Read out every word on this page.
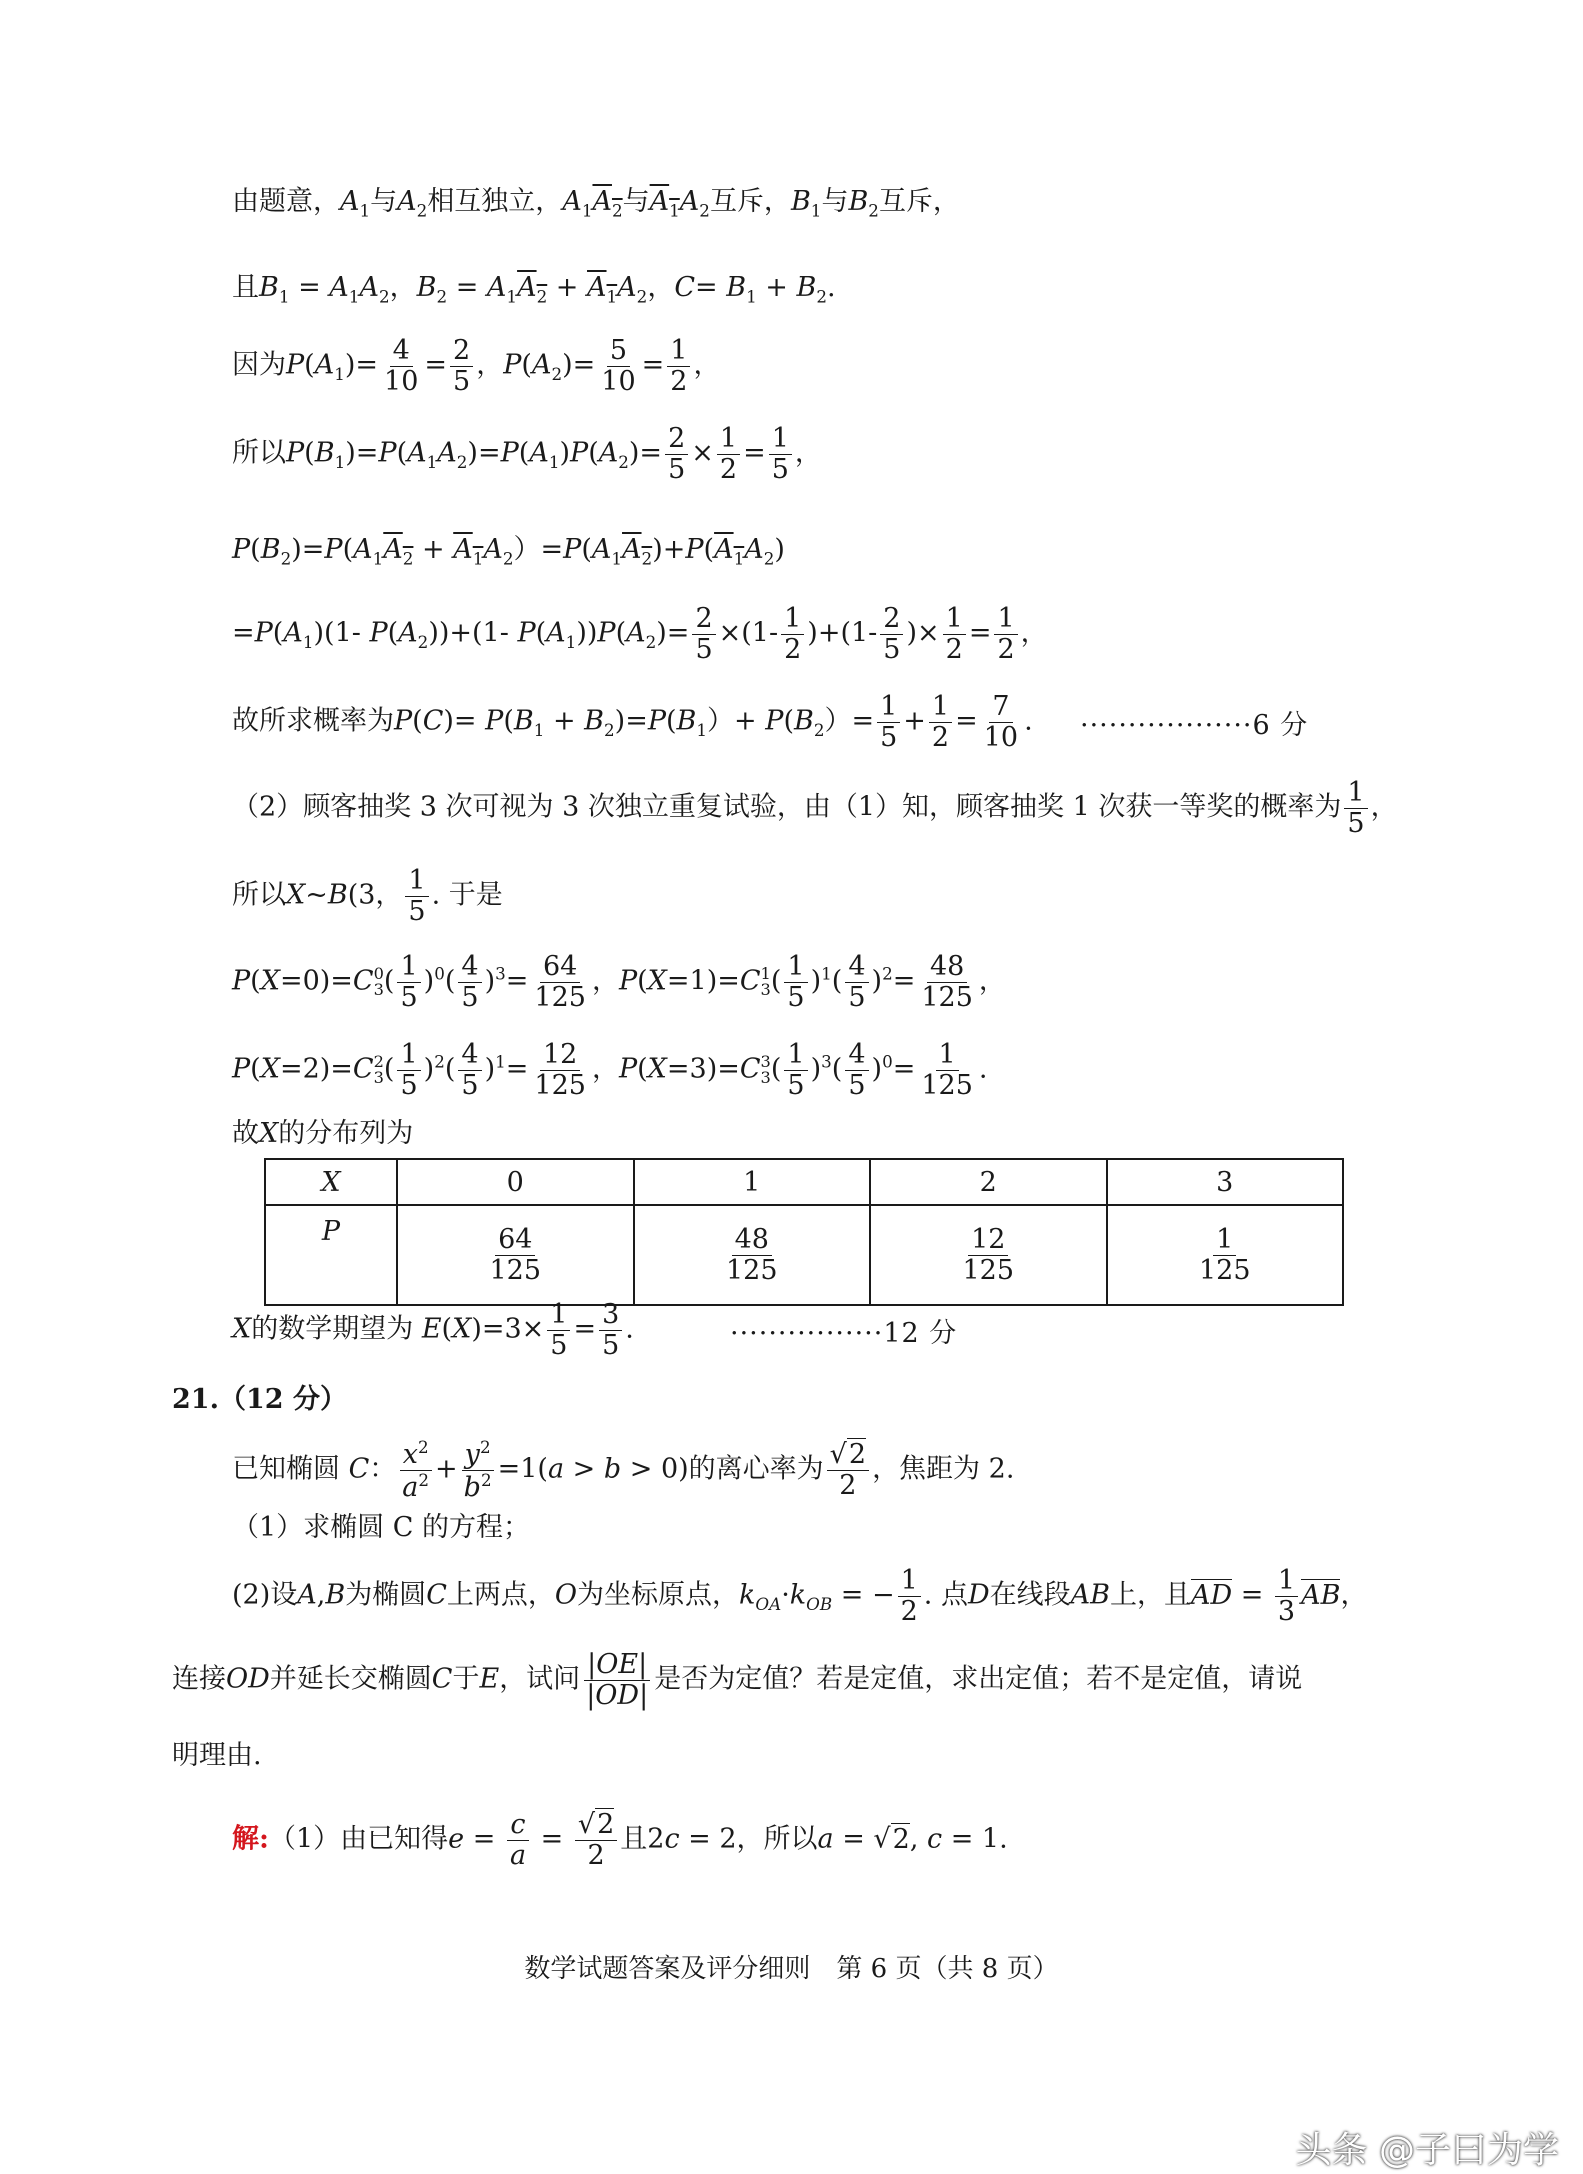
由题意，$A_1$与$A_2$相互独立，$A_1A_2$与$A_1A_2$互斥，$B_1$与$B_2$互斥，
且$B_1 = A_1A_2$，$B_2 = A_1A_2 + A_1A_2$，$C= B_1 + B_2$.
因为$P(A_1)= \frac{4}{10} = \frac{2}{5}$ ，$P(A_2)= \frac{5}{10} = \frac{1}{2}$ ，
所以$P(B_1)=P(A_1A_2)=P(A_1)P(A_2)= \frac{2}{5} \times \frac{1}{2} = \frac{1}{5}$ ，
$P(B_2)=P(A_1A_2 + A_1A_2)=P(A_1A_2)+P(A_1A_2)$
$=P(A_1)(1-$ $P(A_2))+(1-$ $P(A_1))P(A_2)= \frac{2}{5} \times(1- \frac{1}{2} )+(1- \frac{2}{5}$ )× $\frac{1}{2} = \frac{1}{2}$ ，
故所求概率为$P(C)= P(B_1 + B_2)=P(B_1)+ P(B_2)= \frac{1}{5} + \frac{1}{2} = \frac{7}{10}$ . ··················6 分
（2）顾客抽奖 3 次可视为 3 次独立重复试验，由（1）知，顾客抽奖 1 次获一等奖的概率为 $\frac{1}{5}$ ，
所以X~B(3， $\frac{1}{5}$ . 于是
P(X=0)=C 0
3 ( $\frac{1}{5} )^0( \frac{4}{5} )^3= \frac{64}{125}$ ，P(X=1)=C 1
3 ( $\frac{1}{5} )^1( \frac{4}{5} )^2= \frac{48}{125}$ ，
P(X=2)=C 2
3 ( $\frac{1}{5} )^2( \frac{4}{5} )^1= \frac{12}{125}$ ，P(X=3)=C 3
3 ( $\frac{1}{5} )^3( \frac{4}{5} )^0= \frac{1}{125}$ .
故X的分布列为
X	0	1	2	3
P	$\frac{64}{125}$	$\frac{48}{125}$	$\frac{12}{125}$	$\frac{1}{125}$
X的数学期望为 $E(X)=3\times \frac{1}{5} = \frac{3}{5}$ .	················12 分
21.（12 分）
已知椭圆 C： $\frac{x^2}{a^2} + \frac{y^2}{b^2} =1(a > b > 0)$的离心率为 $\frac{√2}{2}$ ，焦距为 2.
（1）求椭圆 C 的方程；
(2)设A,B为椭圆C上两点，O为坐标原点，$k_{OA}\cdot k_{OB}$ = − $\frac{1}{2}$ . 点D在线段AB上，且AD = $\frac{1}{3}$ AB，
连接OD并延长交椭圆C于E，试问 $\frac{|OE|}{|OD|}$ 是否为定值？若是定值，求出定值；若不是定值，请说
明理由.
解:（1）由已知得$e = \frac{c}{a} = \frac{√2}{2}$ 且2c = 2，所以a = √2, c = 1.
数学试题答案及评分细则　第 6 页（共 8 页）
头条 @子曰为学
